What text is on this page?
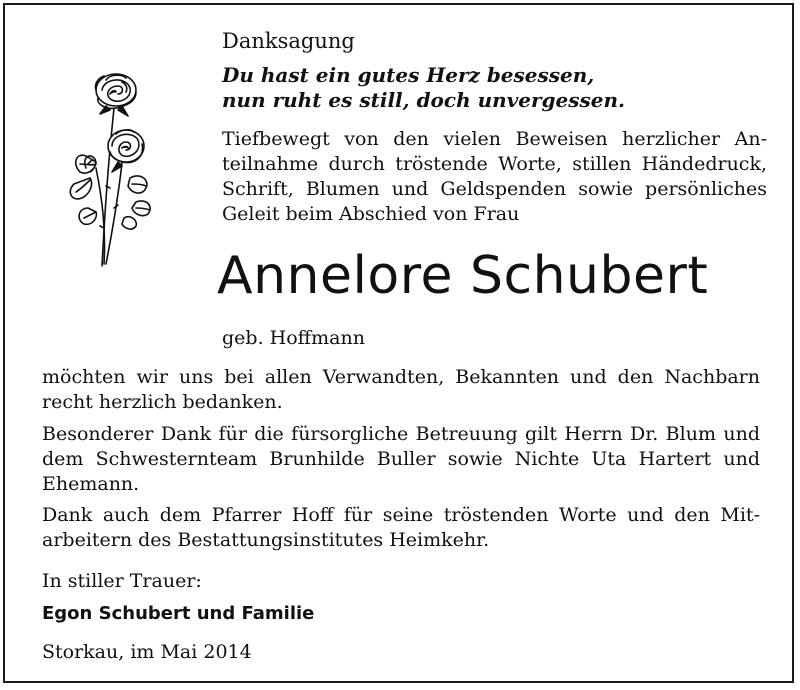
Danksagung
Du hast ein gutes Herz besessen,
nun ruht es still, doch unvergessen.
Tiefbewegt von den vielen Beweisen herzlicher An-
teilnahme durch tröstende Worte, stillen Händedruck,
Schrift, Blumen und Geldspenden sowie persönliches
Geleit beim Abschied von Frau
Annelore Schubert
geb. Hoffmann
möchten wir uns bei allen Verwandten, Bekannten und den Nachbarn
recht herzlich bedanken.
Besonderer Dank für die fürsorgliche Betreuung gilt Herrn Dr. Blum und
dem Schwesternteam Brunhilde Buller sowie Nichte Uta Hartert und
Ehemann.
Dank auch dem Pfarrer Hoff für seine tröstenden Worte und den Mit-
arbeitern des Bestattungsinstitutes Heimkehr.
In stiller Trauer:
Egon Schubert und Familie
Storkau, im Mai 2014
